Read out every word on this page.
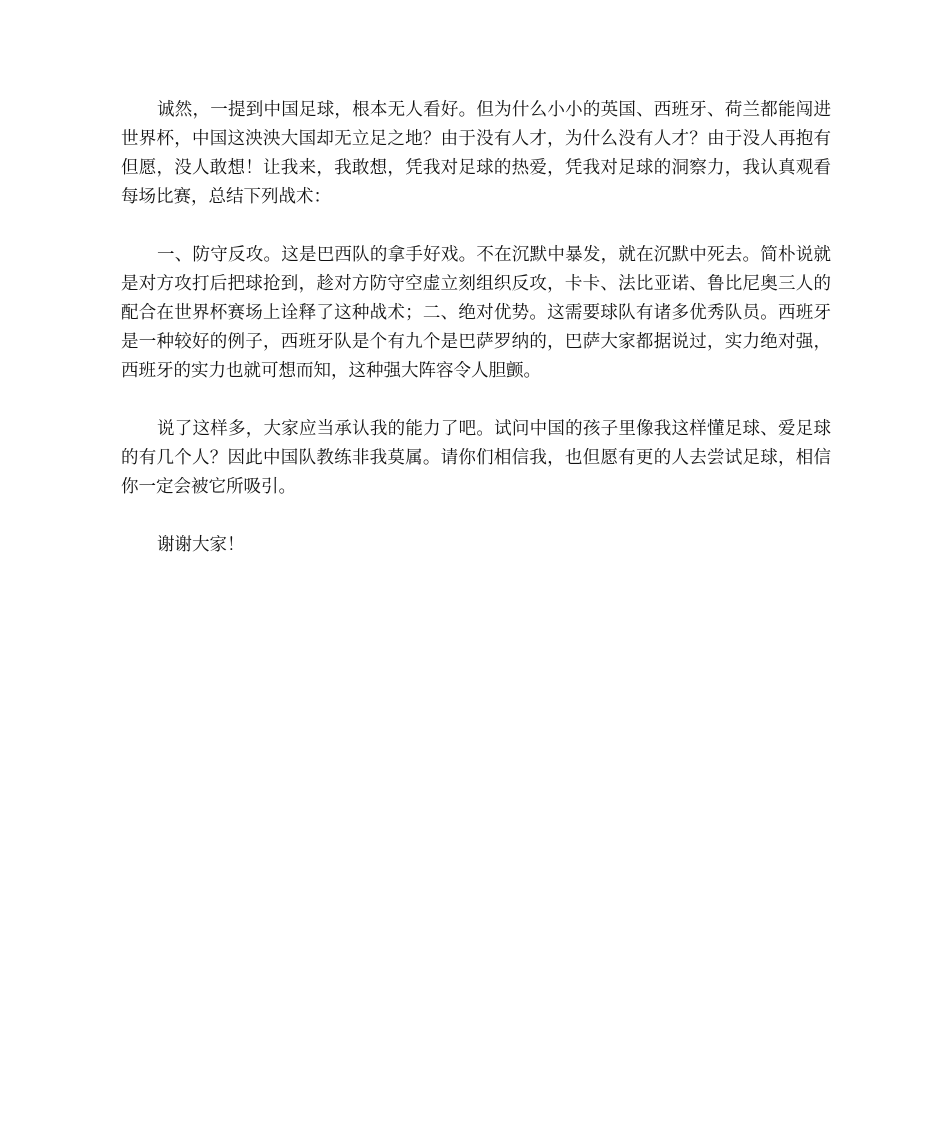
诚然，一提到中国足球，根本无人看好。但为什么小小的英国、西班牙、荷兰都能闯进世界杯，中国这泱泱大国却无立足之地？由于没有人才，为什么没有人才？由于没人再抱有但愿，没人敢想！让我来，我敢想，凭我对足球的热爱，凭我对足球的洞察力，我认真观看每场比赛，总结下列战术：

一、防守反攻。这是巴西队的拿手好戏。不在沉默中暴发，就在沉默中死去。简朴说就是对方攻打后把球抢到，趁对方防守空虚立刻组织反攻，卡卡、法比亚诺、鲁比尼奥三人的配合在世界杯赛场上诠释了这种战术；二、绝对优势。这需要球队有诸多优秀队员。西班牙是一种较好的例子，西班牙队是个有九个是巴萨罗纳的，巴萨大家都据说过，实力绝对强，西班牙的实力也就可想而知，这种强大阵容令人胆颤。

说了这样多，大家应当承认我的能力了吧。试问中国的孩子里像我这样懂足球、爱足球的有几个人？因此中国队教练非我莫属。请你们相信我，也但愿有更的人去尝试足球，相信你一定会被它所吸引。

谢谢大家！
